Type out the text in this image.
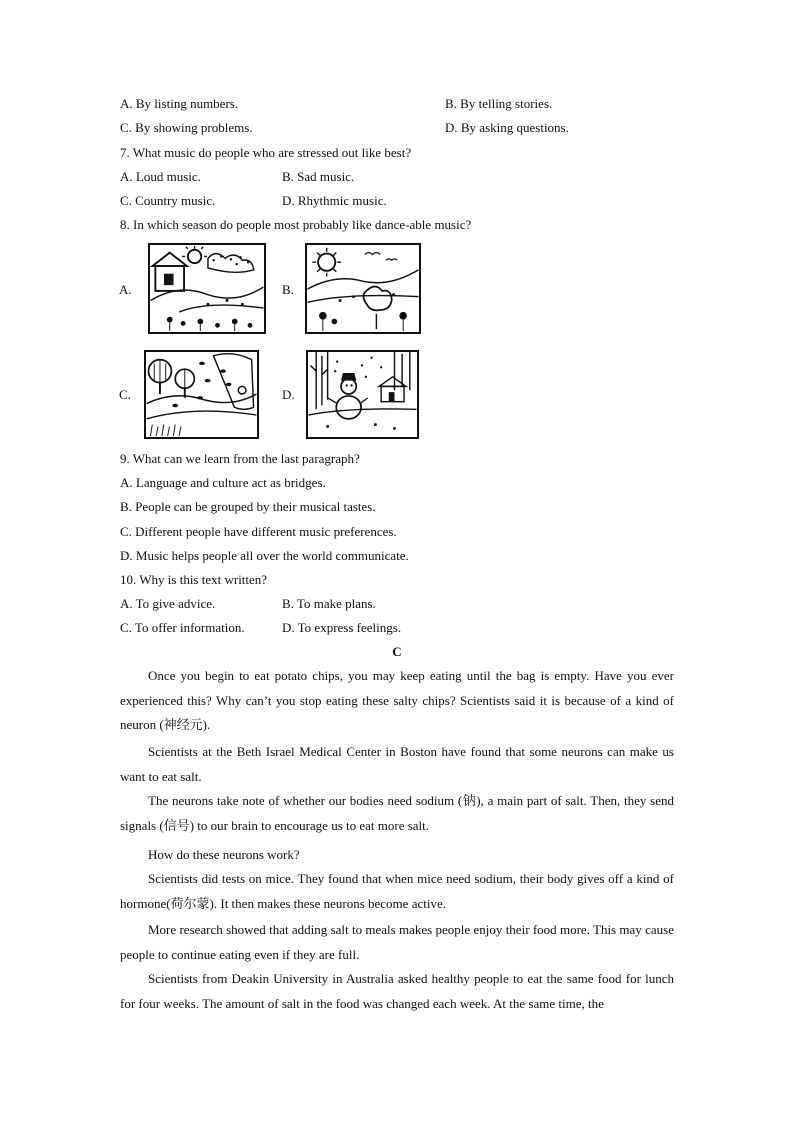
A. By listing numbers.	B. By telling stories.
C. By showing problems.	D. By asking questions.
7. What music do people who are stressed out like best?
A. Loud music.	B. Sad music.
C. Country music.	D. Rhythmic music.
8. In which season do people most probably like dance-able music?
A.	B.
C.	D.
9. What can we learn from the last paragraph?
A. Language and culture act as bridges.
B. People can be grouped by their musical tastes.
C. Different people have different music preferences.
D. Music helps people all over the world communicate.
10. Why is this text written?
A. To give advice.	B. To make plans.
C. To offer information.	D. To express feelings.
C
Once you begin to eat potato chips, you may keep eating until the bag is empty. Have you ever experienced this? Why can’t you stop eating these salty chips? Scientists said it is because of a kind of neuron (神经元).
Scientists at the Beth Israel Medical Center in Boston have found that some neurons can make us want to eat salt.
The neurons take note of whether our bodies need sodium (钠), a main part of salt. Then, they send signals (信号) to our brain to encourage us to eat more salt.
How do these neurons work?
Scientists did tests on mice. They found that when mice need sodium, their body gives off a kind of hormone(荷尔蒙). It then makes these neurons become active.
More research showed that adding salt to meals makes people enjoy their food more. This may cause people to continue eating even if they are full.
Scientists from Deakin University in Australia asked healthy people to eat the same food for lunch for four weeks. The amount of salt in the food was changed each week. At the same time, the
